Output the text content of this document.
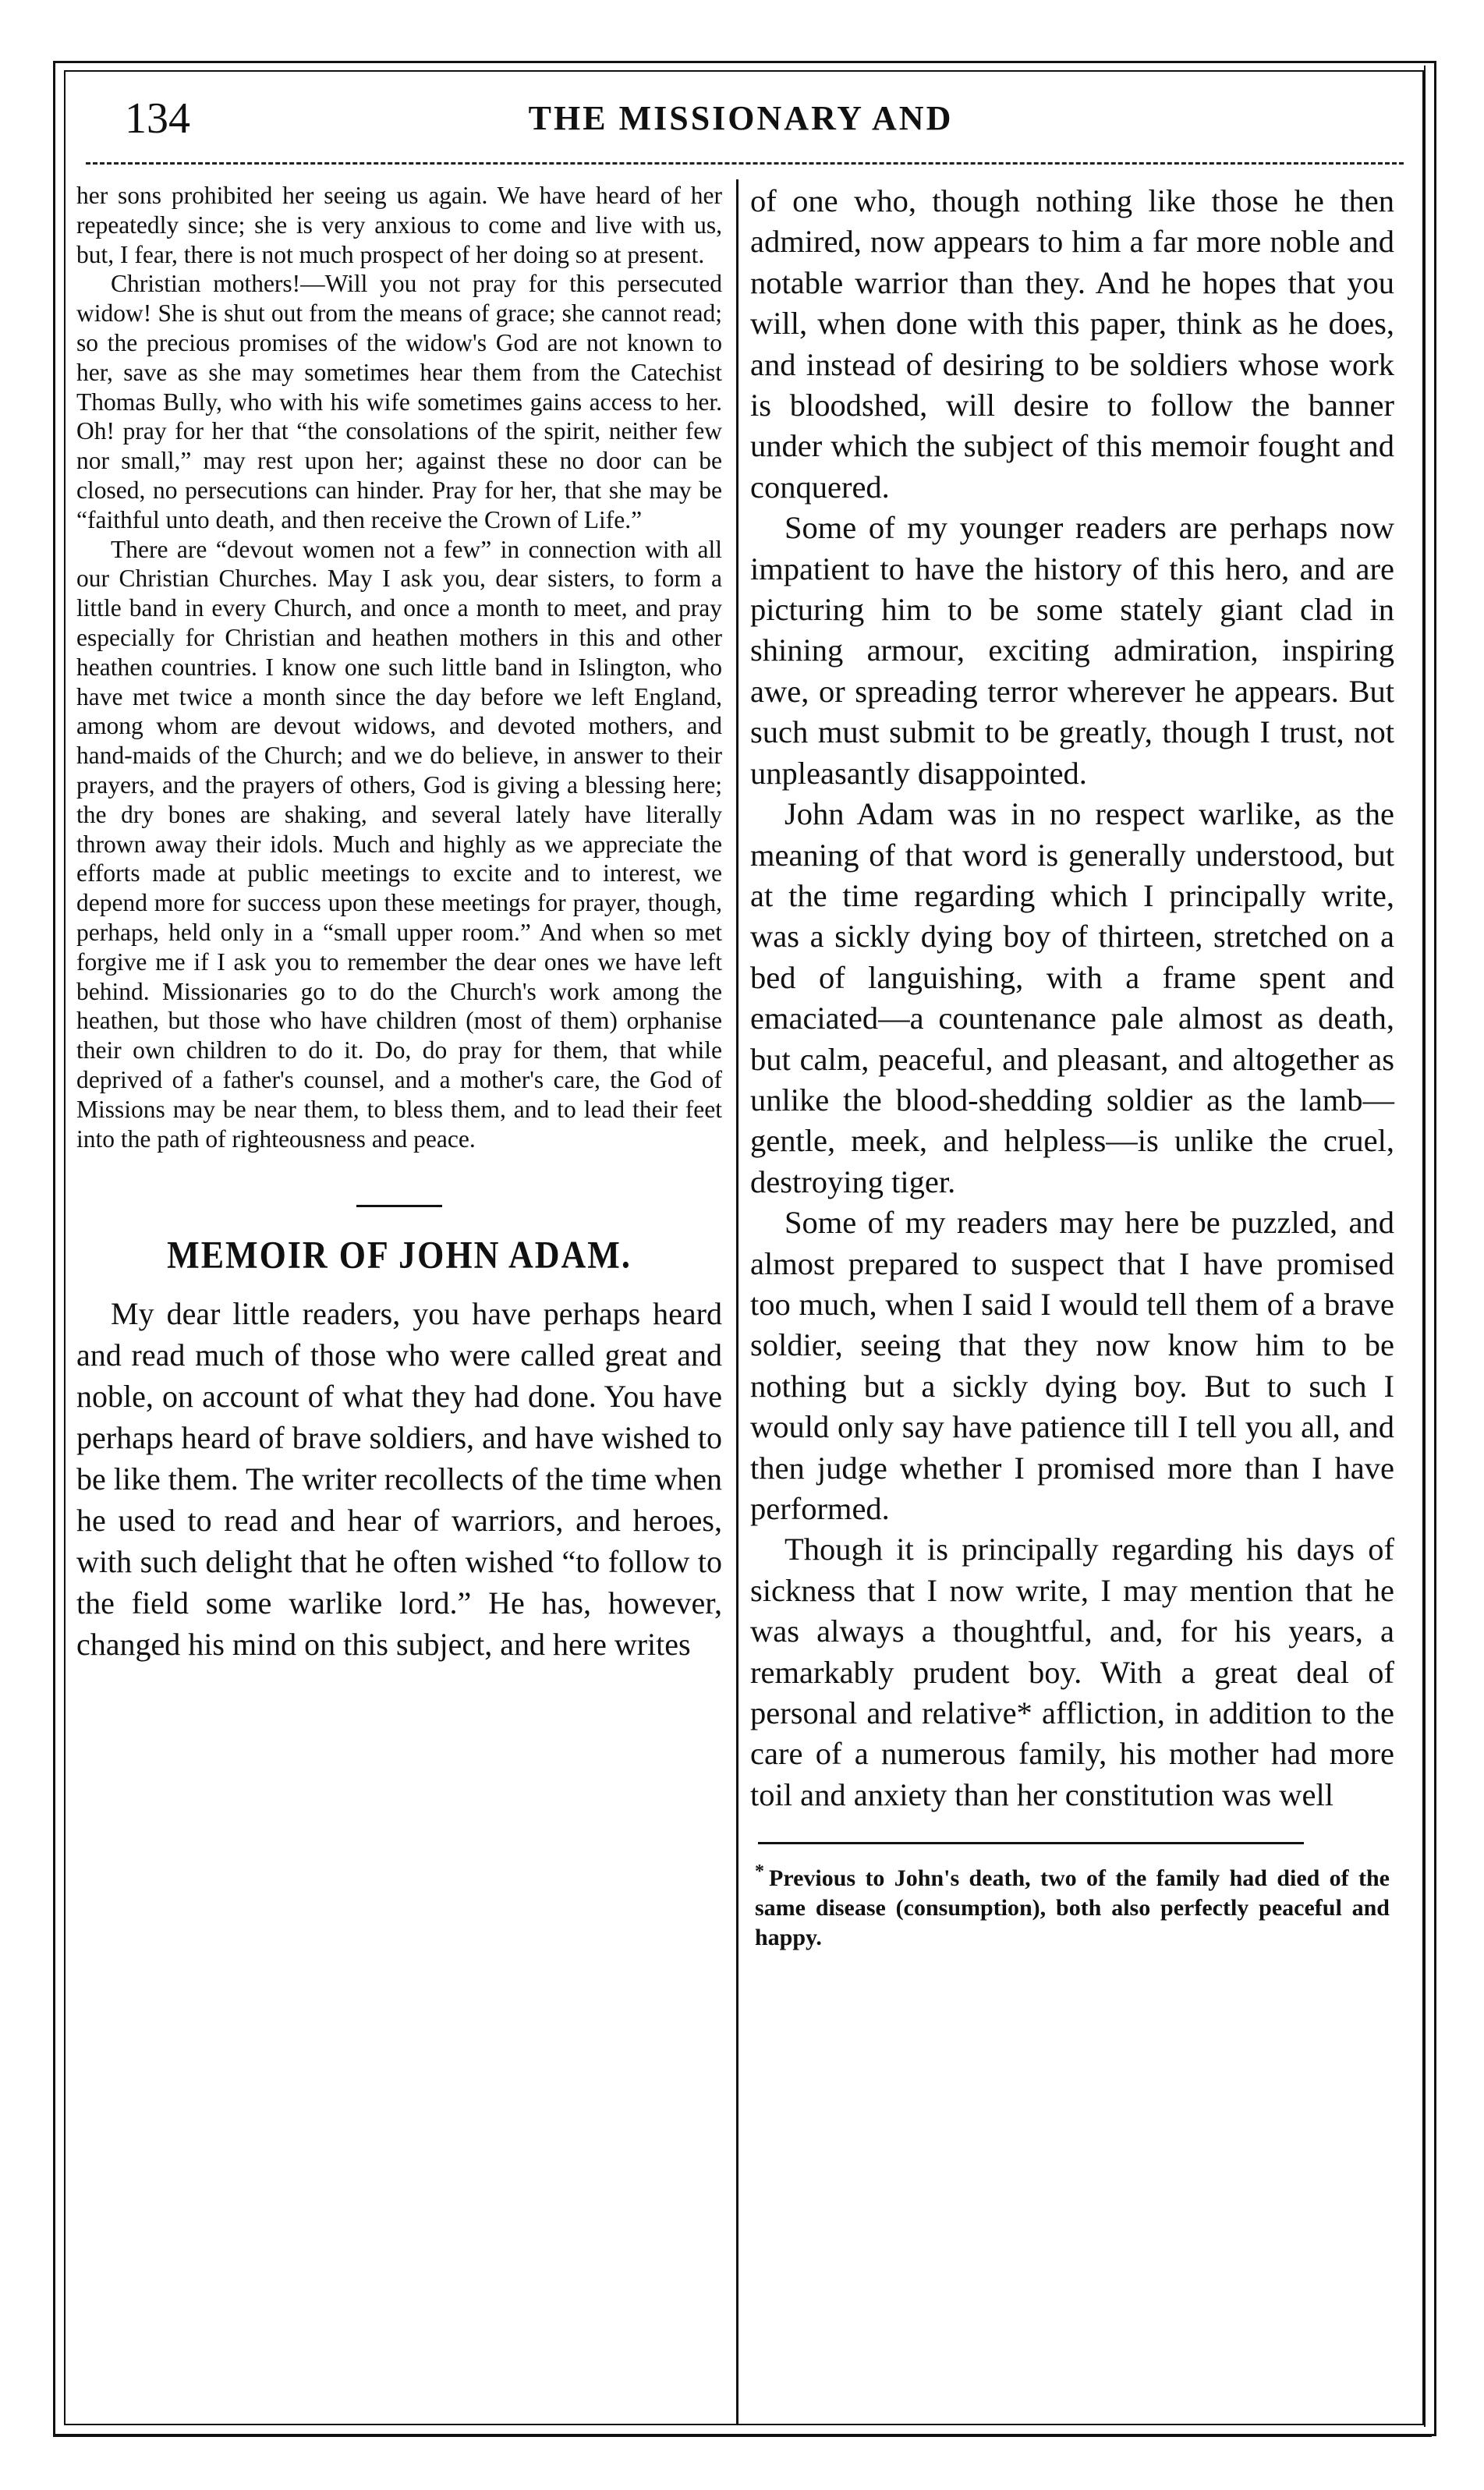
134	THE MISSIONARY AND

her sons prohibited her seeing us again. We have heard of her repeatedly since; she is very anxious to come and live with us, but, I fear, there is not much prospect of her doing so at present.

Christian mothers!—Will you not pray for this persecuted widow! She is shut out from the means of grace; she cannot read; so the precious promises of the widow's God are not known to her, save as she may sometimes hear them from the Catechist Thomas Bully, who with his wife sometimes gains access to her. Oh! pray for her that “the consolations of the spirit, neither few nor small,” may rest upon her; against these no door can be closed, no persecutions can hinder. Pray for her, that she may be “faithful unto death, and then receive the Crown of Life.”

There are “devout women not a few” in connection with all our Christian Churches. May I ask you, dear sisters, to form a little band in every Church, and once a month to meet, and pray especially for Christian and heathen mothers in this and other heathen countries. I know one such little band in Islington, who have met twice a month since the day before we left England, among whom are devout widows, and devoted mothers, and hand-maids of the Church; and we do believe, in answer to their prayers, and the prayers of others, God is giving a blessing here; the dry bones are shaking, and several lately have literally thrown away their idols. Much and highly as we appreciate the efforts made at public meetings to excite and to interest, we depend more for success upon these meetings for prayer, though, perhaps, held only in a “small upper room.” And when so met forgive me if I ask you to remember the dear ones we have left behind. Missionaries go to do the Church's work among the heathen, but those who have children (most of them) orphanise their own children to do it. Do, do pray for them, that while deprived of a father's counsel, and a mother's care, the God of Missions may be near them, to bless them, and to lead their feet into the path of righteousness and peace.

MEMOIR OF JOHN ADAM.

My dear little readers, you have perhaps heard and read much of those who were called great and noble, on account of what they had done. You have perhaps heard of brave soldiers, and have wished to be like them. The writer recollects of the time when he used to read and hear of warriors, and heroes, with such delight that he often wished “to follow to the field some warlike lord.” He has, however, changed his mind on this subject, and here writes

of one who, though nothing like those he then admired, now appears to him a far more noble and notable warrior than they. And he hopes that you will, when done with this paper, think as he does, and instead of desiring to be soldiers whose work is bloodshed, will desire to follow the banner under which the subject of this memoir fought and conquered.

Some of my younger readers are perhaps now impatient to have the history of this hero, and are picturing him to be some stately giant clad in shining armour, exciting admiration, inspiring awe, or spreading terror wherever he appears. But such must submit to be greatly, though I trust, not unpleasantly disappointed.

John Adam was in no respect warlike, as the meaning of that word is generally understood, but at the time regarding which I principally write, was a sickly dying boy of thirteen, stretched on a bed of languishing, with a frame spent and emaciated—a countenance pale almost as death, but calm, peaceful, and pleasant, and altogether as unlike the blood-shedding soldier as the lamb—gentle, meek, and helpless—is unlike the cruel, destroying tiger.

Some of my readers may here be puzzled, and almost prepared to suspect that I have promised too much, when I said I would tell them of a brave soldier, seeing that they now know him to be nothing but a sickly dying boy. But to such I would only say have patience till I tell you all, and then judge whether I promised more than I have performed.

Though it is principally regarding his days of sickness that I now write, I may mention that he was always a thoughtful, and, for his years, a remarkably prudent boy. With a great deal of personal and relative* affliction, in addition to the care of a numerous family, his mother had more toil and anxiety than her constitution was well

* Previous to John's death, two of the family had died of the same disease (consumption), both also perfectly peaceful and happy.
